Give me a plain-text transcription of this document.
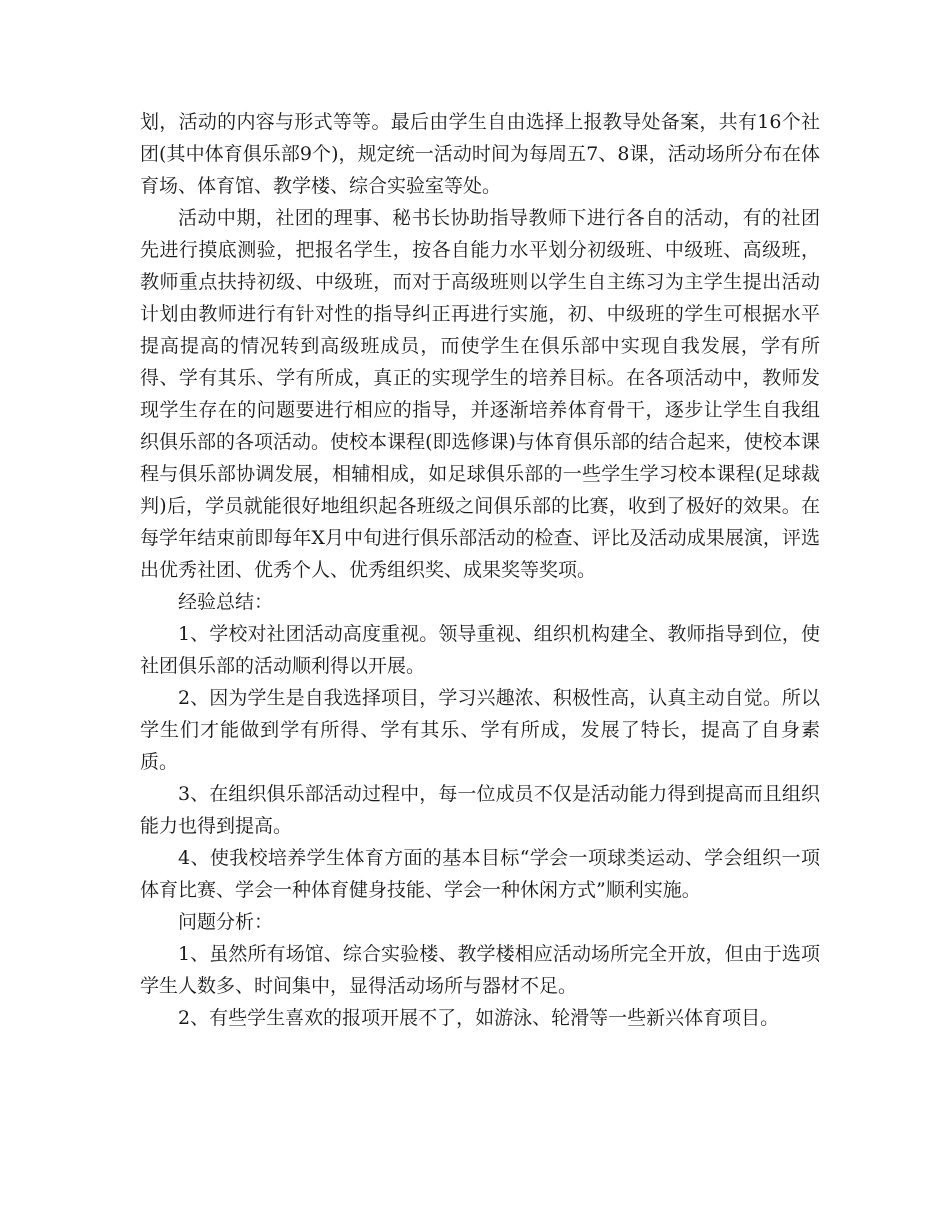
划，活动的内容与形式等等。最后由学生自由选择上报教导处备案，共有16个社团(其中体育俱乐部9个)，规定统一活动时间为每周五7、8课，活动场所分布在体育场、体育馆、教学楼、综合实验室等处。

活动中期，社团的理事、秘书长协助指导教师下进行各自的活动，有的社团先进行摸底测验，把报名学生，按各自能力水平划分初级班、中级班、高级班，教师重点扶持初级、中级班，而对于高级班则以学生自主练习为主学生提出活动计划由教师进行有针对性的指导纠正再进行实施，初、中级班的学生可根据水平提高提高的情况转到高级班成员，而使学生在俱乐部中实现自我发展，学有所得、学有其乐、学有所成，真正的实现学生的培养目标。在各项活动中，教师发现学生存在的问题要进行相应的指导，并逐渐培养体育骨干，逐步让学生自我组织俱乐部的各项活动。使校本课程(即选修课)与体育俱乐部的结合起来，使校本课程与俱乐部协调发展，相辅相成，如足球俱乐部的一些学生学习校本课程(足球裁判)后，学员就能很好地组织起各班级之间俱乐部的比赛，收到了极好的效果。在每学年结束前即每年X月中旬进行俱乐部活动的检查、评比及活动成果展演，评选出优秀社团、优秀个人、优秀组织奖、成果奖等奖项。

经验总结：

1、学校对社团活动高度重视。领导重视、组织机构建全、教师指导到位，使社团俱乐部的活动顺利得以开展。

2、因为学生是自我选择项目，学习兴趣浓、积极性高，认真主动自觉。所以学生们才能做到学有所得、学有其乐、学有所成，发展了特长，提高了自身素质。

3、在组织俱乐部活动过程中，每一位成员不仅是活动能力得到提高而且组织能力也得到提高。

4、使我校培养学生体育方面的基本目标“学会一项球类运动、学会组织一项体育比赛、学会一种体育健身技能、学会一种休闲方式”顺利实施。

问题分析：

1、虽然所有场馆、综合实验楼、教学楼相应活动场所完全开放，但由于选项学生人数多、时间集中，显得活动场所与器材不足。

2、有些学生喜欢的报项开展不了，如游泳、轮滑等一些新兴体育项目。
